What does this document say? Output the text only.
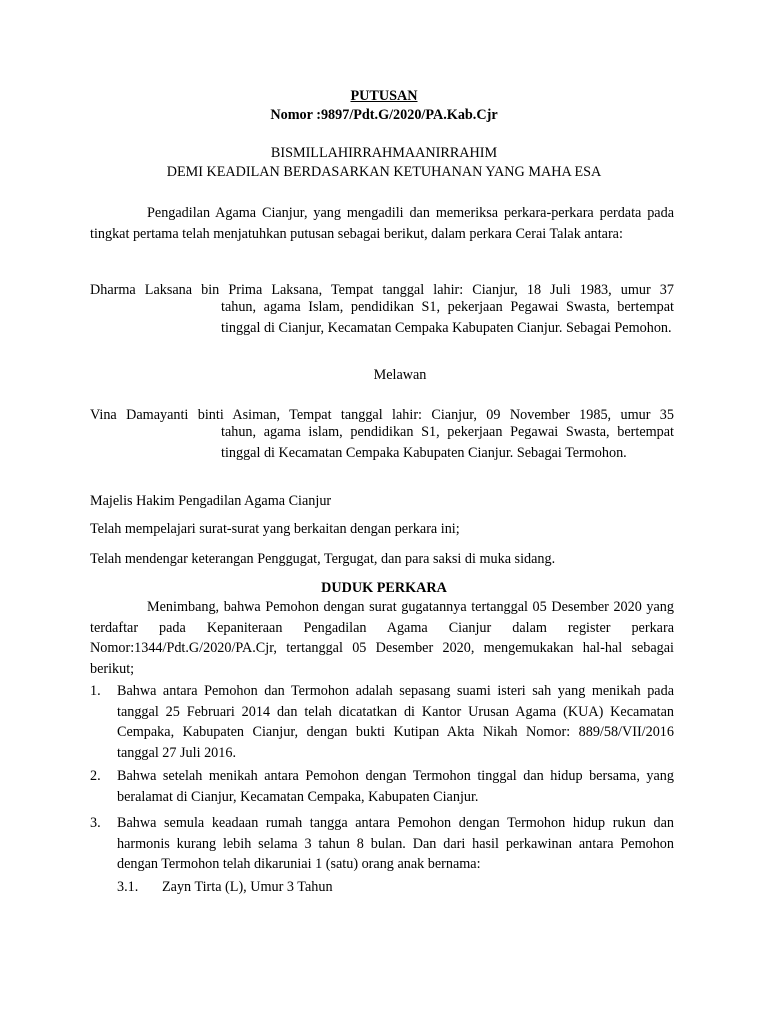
PUTUSAN
Nomor :9897/Pdt.G/2020/PA.Kab.Cjr
BISMILLAHIRRAHMAANIRRAHIM
DEMI KEADILAN BERDASARKAN KETUHANAN YANG MAHA ESA

Pengadilan Agama Cianjur, yang mengadili dan memeriksa perkara-perkara perdata pada tingkat pertama telah menjatuhkan putusan sebagai berikut, dalam perkara Cerai Talak antara:

Dharma Laksana bin Prima Laksana, Tempat tanggal lahir: Cianjur, 18 Juli 1983, umur 37

tahun, agama Islam, pendidikan S1, pekerjaan Pegawai Swasta, bertempat tinggal di Cianjur, Kecamatan Cempaka Kabupaten Cianjur. Sebagai Pemohon.

Melawan
Vina Damayanti binti Asiman, Tempat tanggal lahir: Cianjur, 09 November 1985, umur 35

tahun, agama islam, pendidikan S1, pekerjaan Pegawai Swasta, bertempat tinggal di Kecamatan Cempaka Kabupaten Cianjur. Sebagai Termohon.

Majelis Hakim Pengadilan Agama Cianjur
Telah mempelajari surat-surat yang berkaitan dengan perkara ini;
Telah mendengar keterangan Penggugat, Tergugat, dan para saksi di muka sidang.
DUDUK PERKARA

Menimbang, bahwa Pemohon dengan surat gugatannya tertanggal 05 Desember 2020 yang terdaftar pada Kepaniteraan Pengadilan Agama Cianjur dalam register perkara Nomor:1344/Pdt.G/2020/PA.Cjr, tertanggal 05 Desember 2020, mengemukakan hal-hal sebagai berikut;

1. Bahwa antara Pemohon dan Termohon adalah sepasang suami isteri sah yang menikah pada tanggal 25 Februari 2014 dan telah dicatatkan di Kantor Urusan Agama (KUA) Kecamatan Cempaka, Kabupaten Cianjur, dengan bukti Kutipan Akta Nikah Nomor: 889/58/VII/2016 tanggal 27 Juli 2016.

2. Bahwa setelah menikah antara Pemohon dengan Termohon tinggal dan hidup bersama, yang beralamat di Cianjur, Kecamatan Cempaka, Kabupaten Cianjur.

3. Bahwa semula keadaan rumah tangga antara Pemohon dengan Termohon hidup rukun dan harmonis kurang lebih selama 3 tahun 8 bulan. Dan dari hasil perkawinan antara Pemohon dengan Termohon telah dikaruniai 1 (satu) orang anak bernama:

3.1. Zayn Tirta (L), Umur 3 Tahun
